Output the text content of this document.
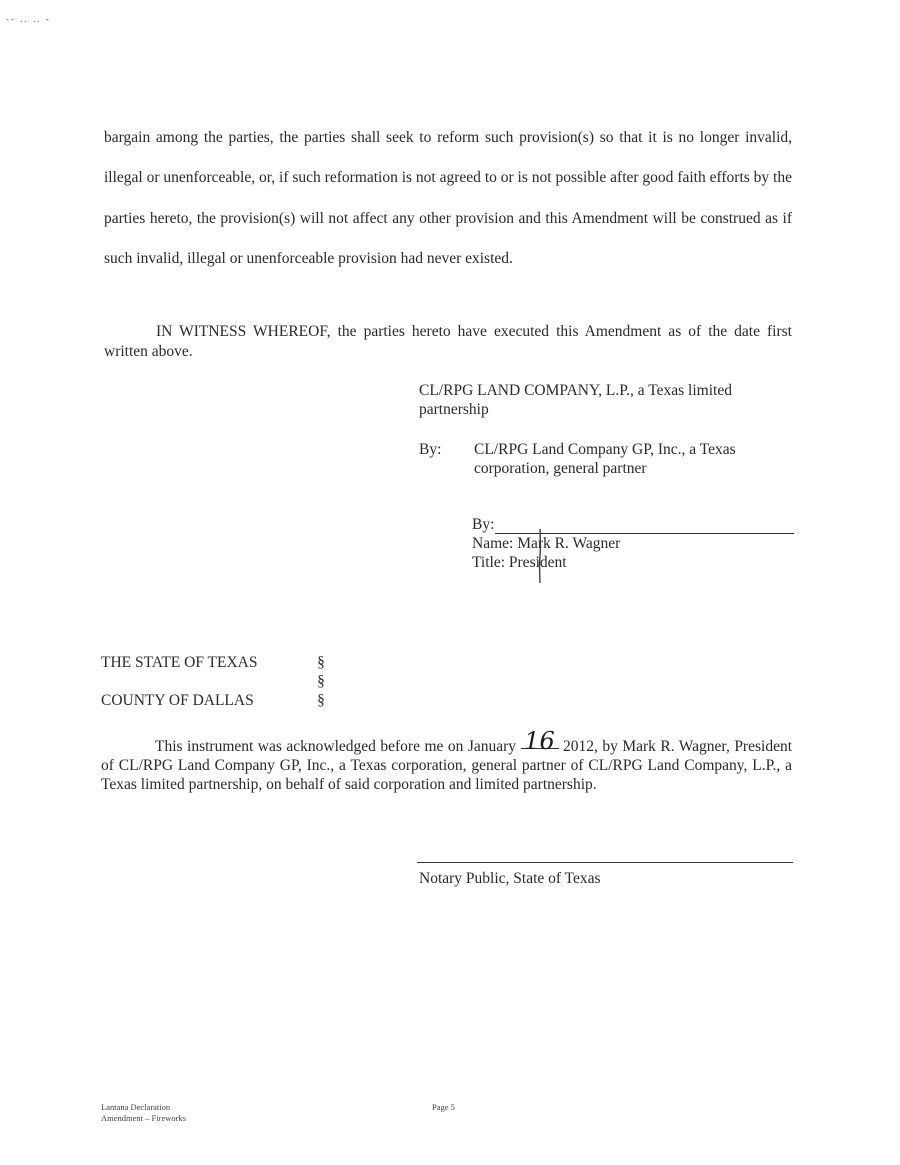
-- .. .. -

bargain among the parties, the parties shall seek to reform such provision(s) so that it is no longer invalid, illegal or unenforceable, or, if such reformation is not agreed to or is not possible after good faith efforts by the parties hereto, the provision(s) will not affect any other provision and this Amendment will be construed as if such invalid, illegal or unenforceable provision had never existed.

IN WITNESS WHEREOF, the parties hereto have executed this Amendment as of the date first written above.

CL/RPG LAND COMPANY, L.P., a Texas limited partnership

By:	CL/RPG Land Company GP, Inc., a Texas corporation, general partner
By:
Name: Mark R. Wagner
Title: President
THE STATE OF TEXAS	§
§
COUNTY OF DALLAS	§

This instrument was acknowledged before me on January 16 2012, by Mark R. Wagner, President of CL/RPG Land Company GP, Inc., a Texas corporation, general partner of CL/RPG Land Company, L.P., a Texas limited partnership, on behalf of said corporation and limited partnership.

Notary Public, State of Texas
Lantana Declaration
Amendment – Fireworks
Page 5
